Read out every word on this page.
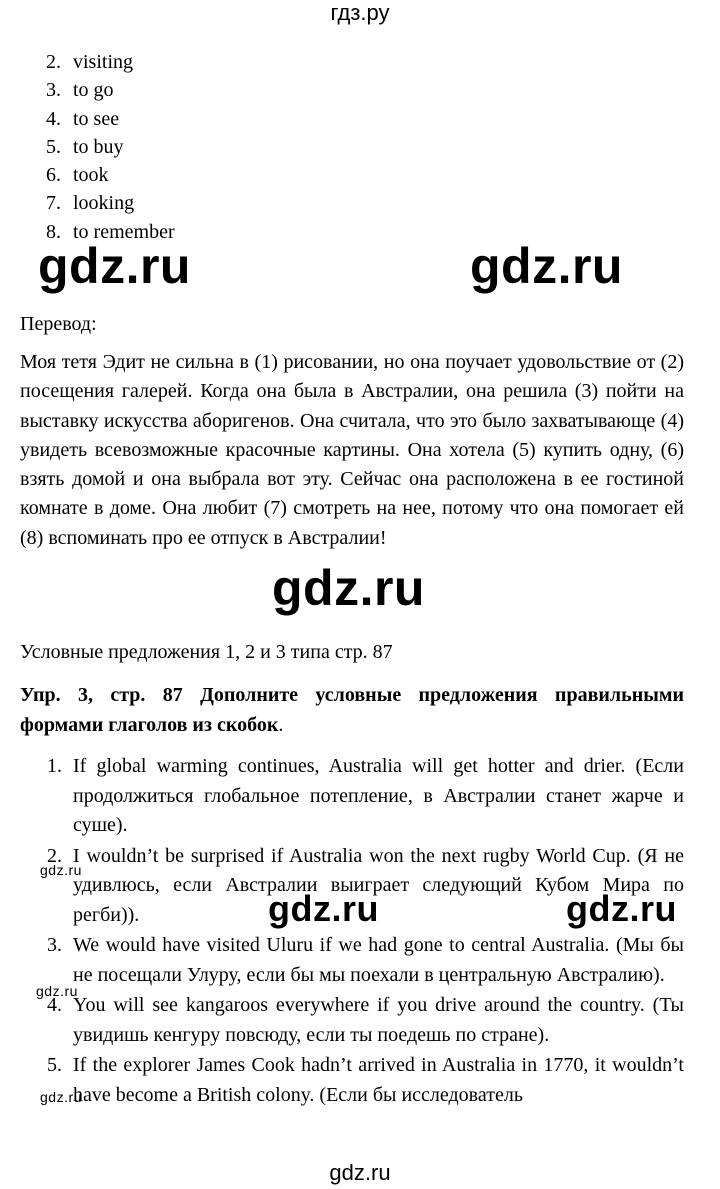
гдз.ру
2. visiting
3. to go
4. to see
5. to buy
6. took
7. looking
8. to remember
gdz.ru	gdz.ru
Перевод:
Моя тетя Эдит не сильна в (1) рисовании, но она поучает удовольствие от (2) посещения галерей. Когда она была в Австралии, она решила (3) пойти на выставку искусства аборигенов. Она считала, что это было захватывающе (4) увидеть всевозможные красочные картины. Она хотела (5) купить одну, (6) взять домой и она выбрала вот эту. Сейчас она расположена в ее гостиной комнате в доме. Она любит (7) смотреть на нее, потому что она помогает ей (8) вспоминать про ее отпуск в Австралии!
gdz.ru
Условные предложения 1, 2 и 3 типа стр. 87
Упр. 3, стр. 87 Дополните условные предложения правильными формами глаголов из скобок.
1. If global warming continues, Australia will get hotter and drier. (Если продолжиться глобальное потепление, в Австралии станет жарче и суше).
2. I wouldn’t be surprised if Australia won the next rugby World Cup. (Я не удивлюсь, если Австралии выиграет следующий Кубом Мира по регби)).
3. We would have visited Uluru if we had gone to central Australia. (Мы бы не посещали Улуру, если бы мы поехали в центральную Австралию).
4. You will see kangaroos everywhere if you drive around the country. (Ты увидишь кенгуру повсюду, если ты поедешь по стране).
5. If the explorer James Cook hadn’t arrived in Australia in 1770, it wouldn’t have become a British colony. (Если бы исследователь
gdz.ru
gdz.ru	gdz.ru
gdz.ru
gdz.ru
gdz.ru
